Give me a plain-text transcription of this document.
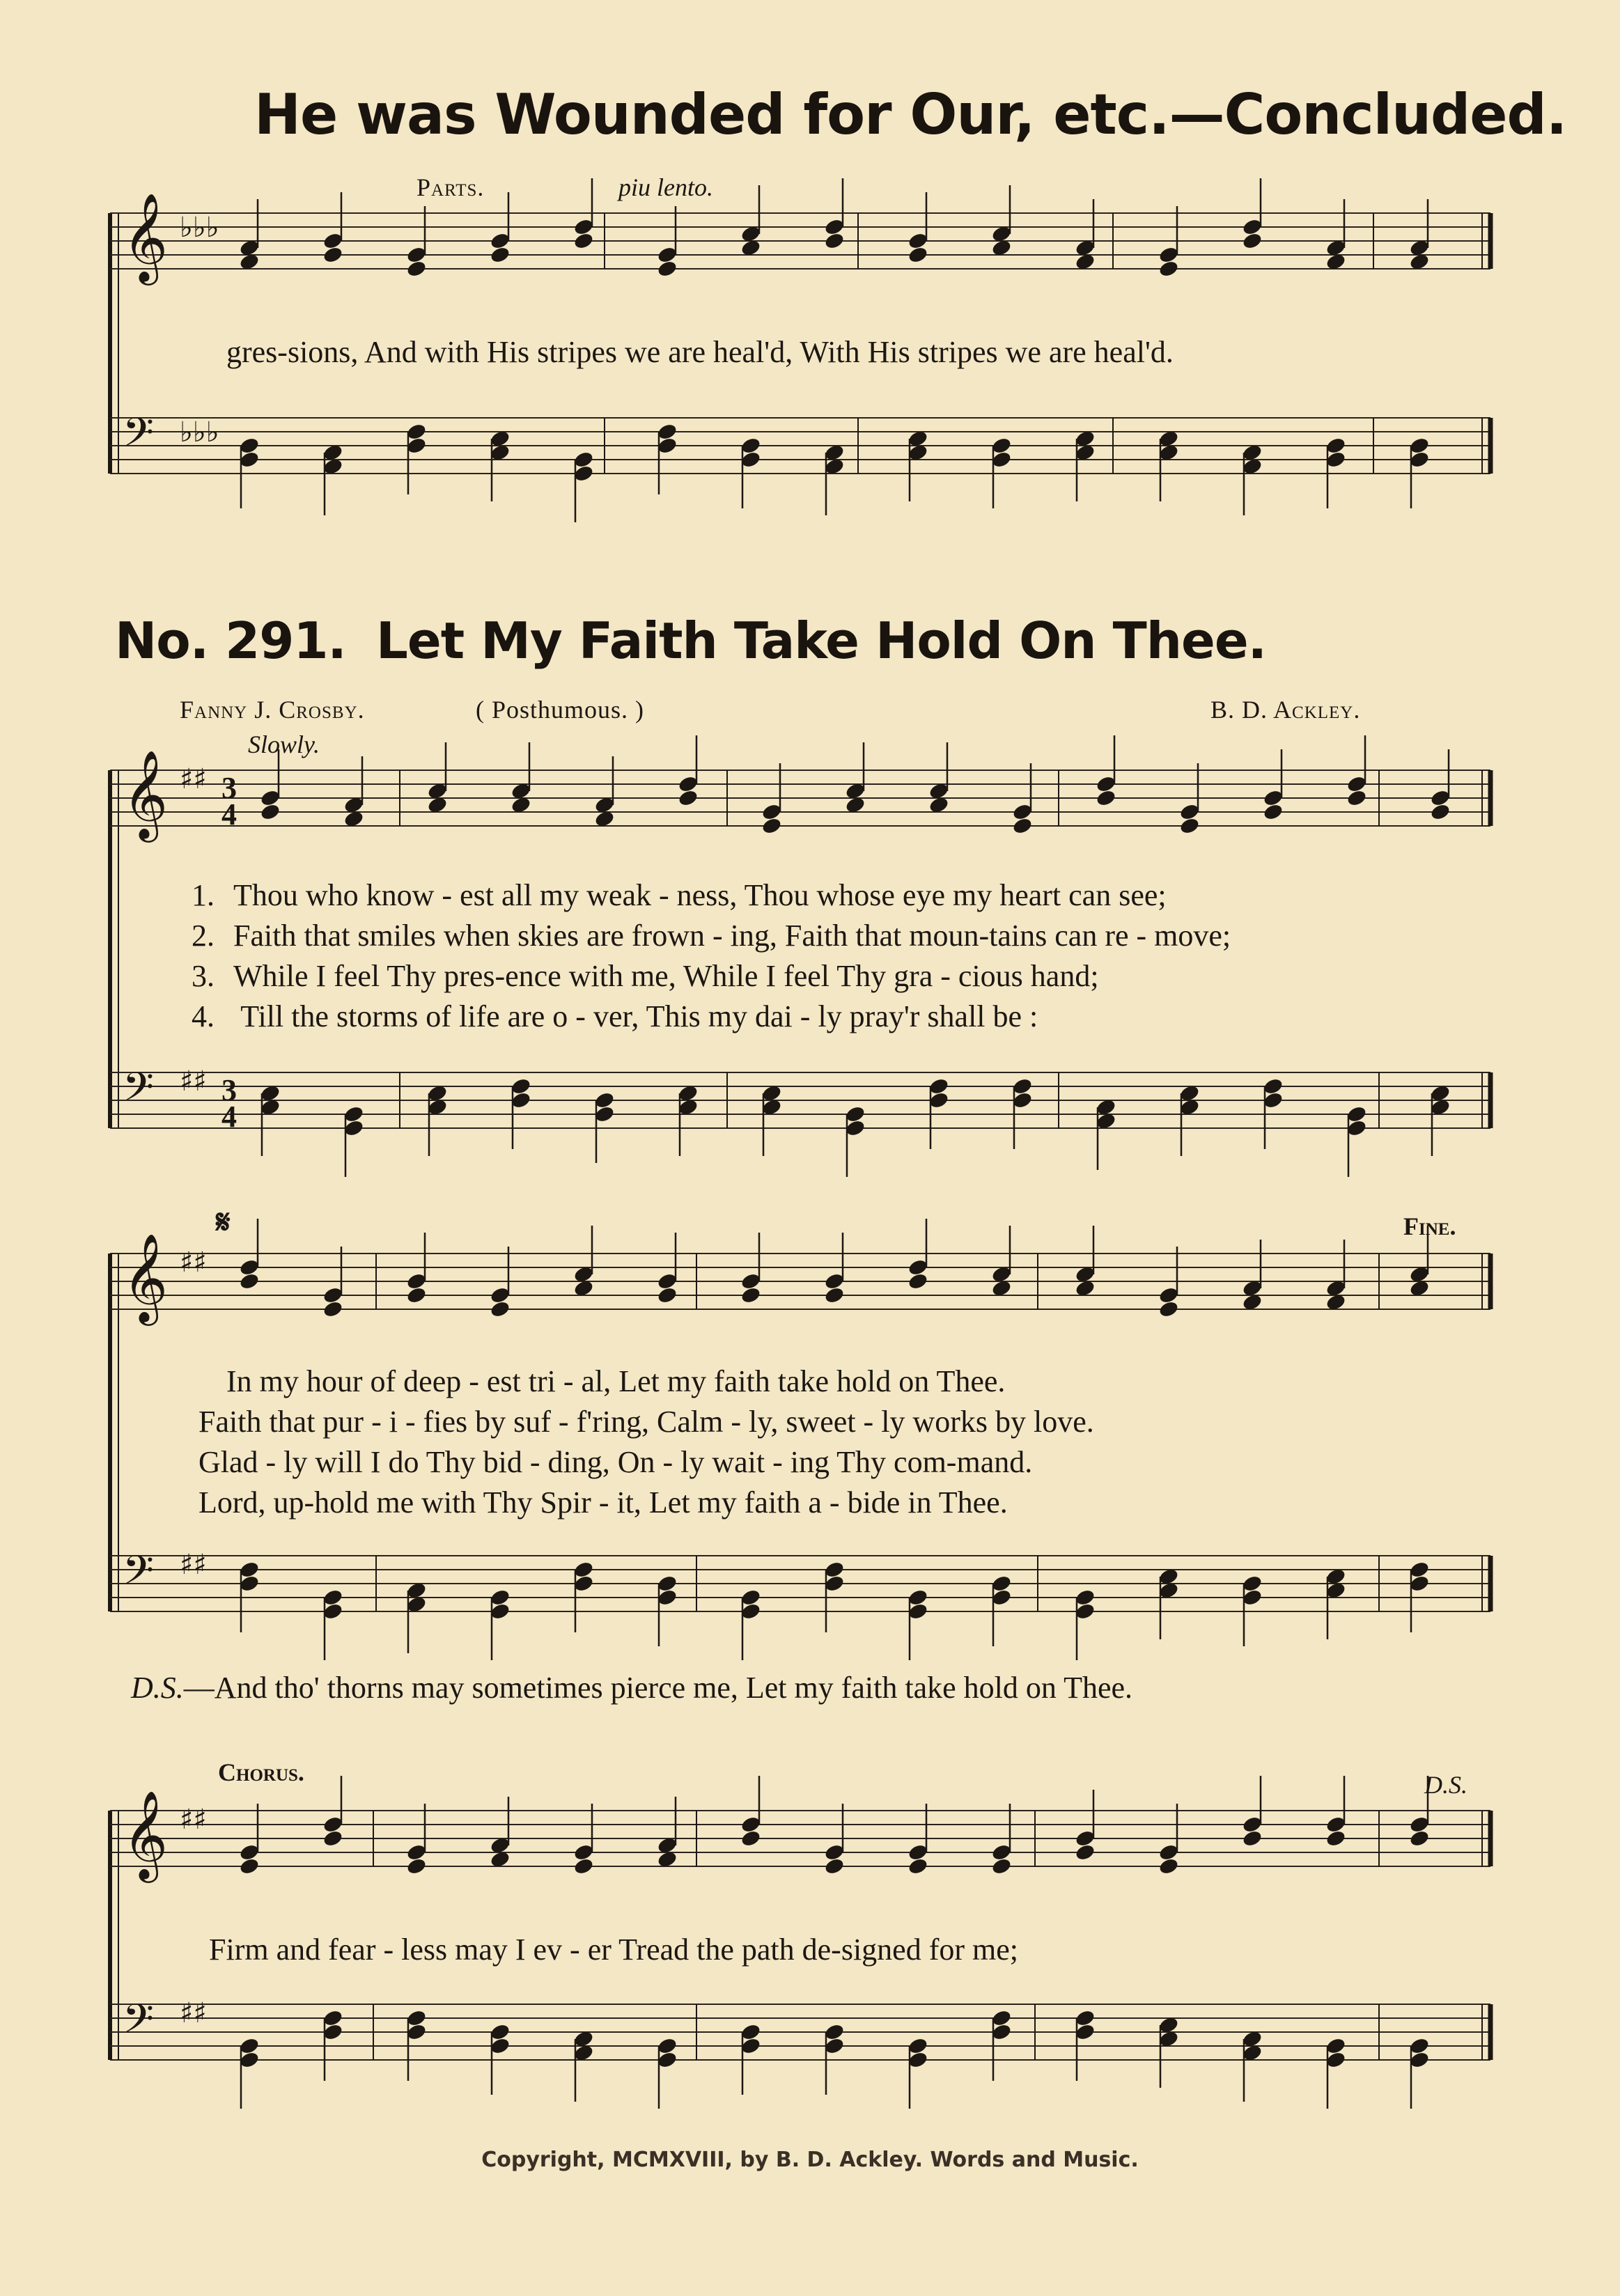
He was Wounded for Our, etc.—Concluded.
Parts.	piu lento.
gres-sions, And with His stripes we are heal'd, With His stripes we are heal'd.
No. 291. Let My Faith Take Hold On Thee.
Fanny J. Crosby.	( Posthumous. )	B. D. Ackley.
Slowly.
1. Thou who know - est all my weak - ness, Thou whose eye my heart can see;
2. Faith that smiles when skies are frown - ing, Faith that moun-tains can re - move;
3. While I feel Thy pres-ence with me, While I feel Thy gra - cious hand;
4. Till the storms of life are o - ver, This my dai - ly pray'r shall be :
𝄋	Fine.
In my hour of deep - est tri - al, Let my faith take hold on Thee.
Faith that pur - i - fies by suf - f'ring, Calm - ly, sweet - ly works by love.
Glad - ly will I do Thy bid - ding, On - ly wait - ing Thy com-mand.
Lord, up-hold me with Thy Spir - it, Let my faith a - bide in Thee.
D.S.—And tho' thorns may sometimes pierce me, Let my faith take hold on Thee.
Chorus.	D.S.
Firm and fear - less may I ev - er Tread the path de-signed for me;
Copyright, MCMXVIII, by B. D. Ackley. Words and Music.
𝄞 ♭♭♭
𝄢 ♭♭♭
𝄞 ♯♯ 3
4
𝄢 ♯♯ 3
4
𝄞 ♯♯
𝄢 ♯♯
𝄞 ♯♯
𝄢 ♯♯
